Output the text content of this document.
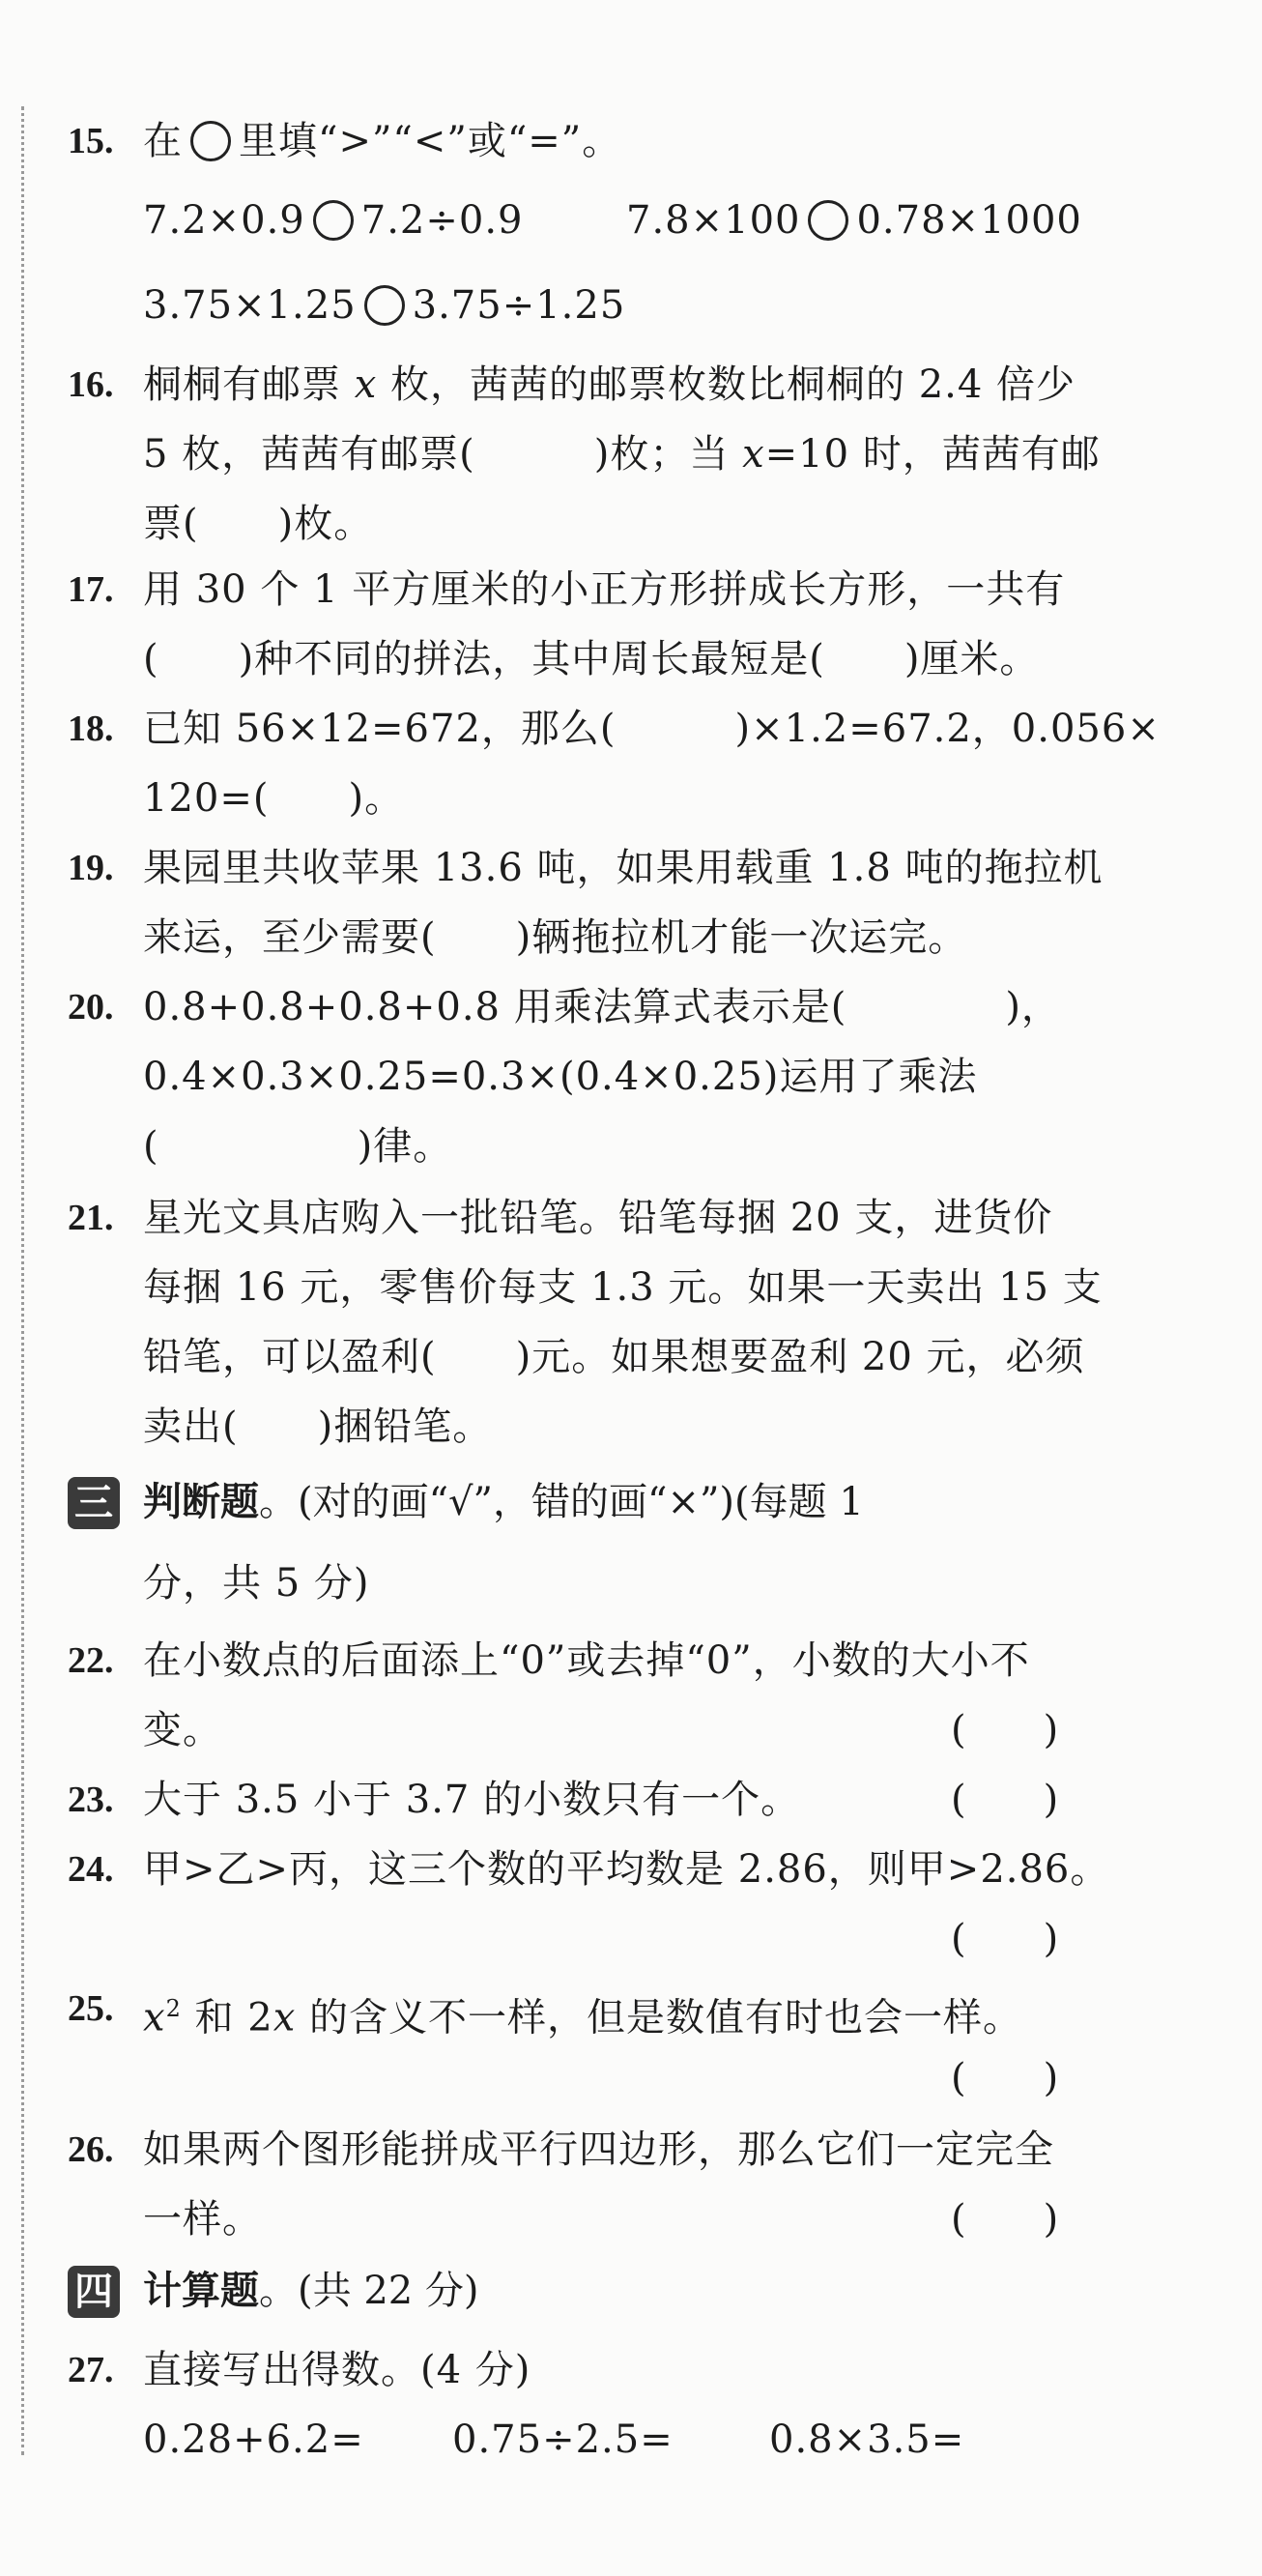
15. 在 里填“>”“<”或“=”。
7.2×0.9 7.2÷0.9	7.8×100 0.78×1000
3.75×1.25 3.75÷1.25
16. 桐桐有邮票 x 枚，茜茜的邮票枚数比桐桐的 2.4 倍少
5 枚，茜茜有邮票(　　　)枚；当 x=10 时，茜茜有邮
票(　　)枚。
17. 用 30 个 1 平方厘米的小正方形拼成长方形，一共有
(　　)种不同的拼法，其中周长最短是(　　)厘米。
18. 已知 56×12=672，那么(　　　)×1.2=67.2，0.056×
120=(　　)。
19. 果园里共收苹果 13.6 吨，如果用载重 1.8 吨的拖拉机
来运，至少需要(　　)辆拖拉机才能一次运完。
20. 0.8+0.8+0.8+0.8 用乘法算式表示是(　　　　)，
0.4×0.3×0.25=0.3×(0.4×0.25)运用了乘法
(　　　　　)律。
21. 星光文具店购入一批铅笔。铅笔每捆 20 支，进货价
每捆 16 元，零售价每支 1.3 元。如果一天卖出 15 支
铅笔，可以盈利(　　)元。如果想要盈利 20 元，必须
卖出(　　)捆铅笔。
三 判断题。(对的画“√”，错的画“×”)(每题 1
分，共 5 分)
22. 在小数点的后面添上“0”或去掉“0”，小数的大小不
变。	(　　)
23. 大于 3.5 小于 3.7 的小数只有一个。	(　　)
24. 甲>乙>丙，这三个数的平均数是 2.86，则甲>2.86。
(　　)
25. $x^2$ 和 2x 的含义不一样，但是数值有时也会一样。
(　　)
26. 如果两个图形能拼成平行四边形，那么它们一定完全
一样。	(　　)
四 计算题。(共 22 分)
27. 直接写出得数。(4 分)
0.28+6.2= 0.75÷2.5= 0.8×3.5=
